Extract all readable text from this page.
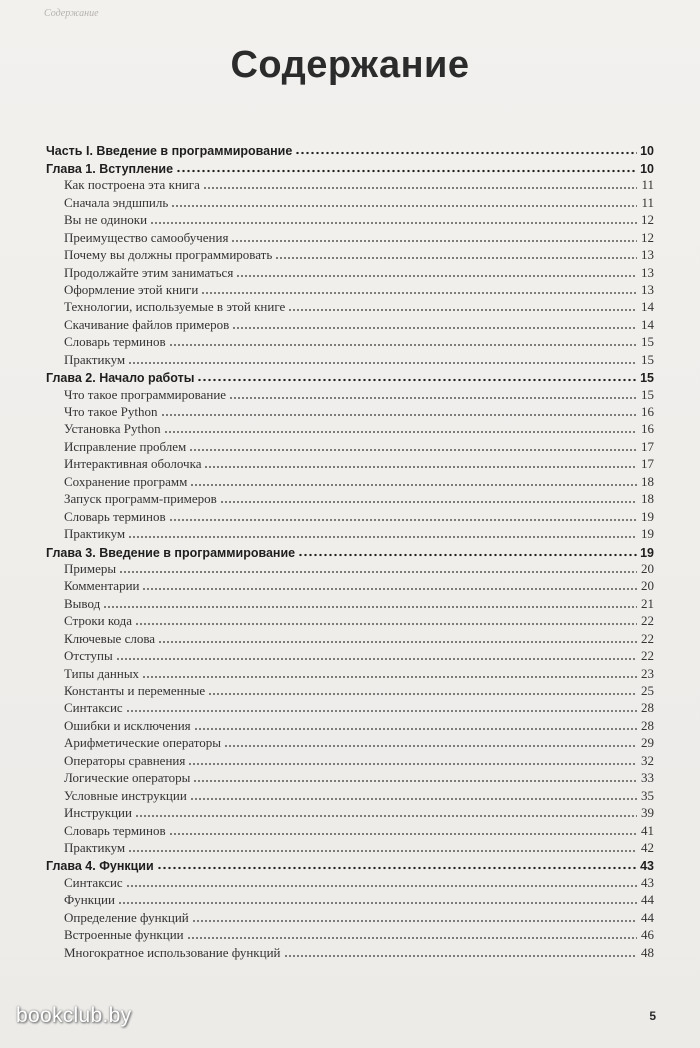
Содержание
Содержание
Часть I. Введение в программирование	10
Глава 1. Вступление	10
Как построена эта книга	11
Сначала эндшпиль	11
Вы не одиноки	12
Преимущество самообучения	12
Почему вы должны программировать	13
Продолжайте этим заниматься	13
Оформление этой книги	13
Технологии, используемые в этой книге	14
Скачивание файлов примеров	14
Словарь терминов	15
Практикум	15
Глава 2. Начало работы	15
Что такое программирование	15
Что такое Python	16
Установка Python	16
Исправление проблем	17
Интерактивная оболочка	17
Сохранение программ	18
Запуск программ-примеров	18
Словарь терминов	19
Практикум	19
Глава 3. Введение в программирование	19
Примеры	20
Комментарии	20
Вывод	21
Строки кода	22
Ключевые слова	22
Отступы	22
Типы данных	23
Константы и переменные	25
Синтаксис	28
Ошибки и исключения	28
Арифметические операторы	29
Операторы сравнения	32
Логические операторы	33
Условные инструкции	35
Инструкции	39
Словарь терминов	41
Практикум	42
Глава 4. Функции	43
Синтаксис	43
Функции	44
Определение функций	44
Встроенные функции	46
Многократное использование функций	48
bookclub.by	5
